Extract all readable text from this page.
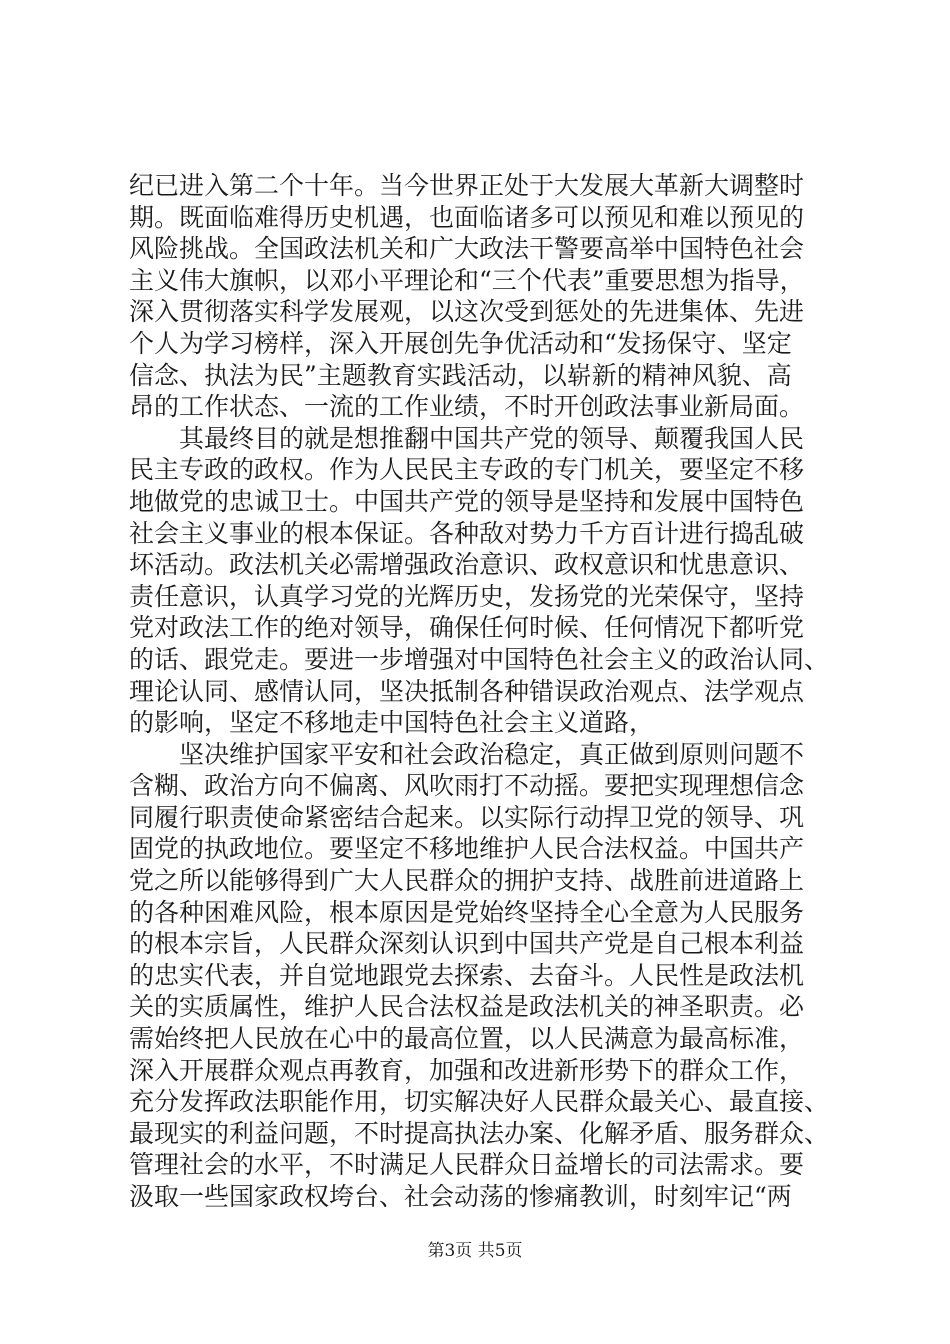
纪已进入第二个十年。当今世界正处于大发展大革新大调整时
期。既面临难得历史机遇，也面临诸多可以预见和难以预见的
风险挑战。全国政法机关和广大政法干警要高举中国特色社会
主义伟大旗帜，以邓小平理论和“三个代表”重要思想为指导，
深入贯彻落实科学发展观，以这次受到惩处的先进集体、先进
个人为学习榜样，深入开展创先争优活动和“发扬保守、坚定
信念、执法为民”主题教育实践活动，以崭新的精神风貌、高
昂的工作状态、一流的工作业绩，不时开创政法事业新局面。
　　其最终目的就是想推翻中国共产党的领导、颠覆我国人民
民主专政的政权。作为人民民主专政的专门机关，要坚定不移
地做党的忠诚卫士。中国共产党的领导是坚持和发展中国特色
社会主义事业的根本保证。各种敌对势力千方百计进行捣乱破
坏活动。政法机关必需增强政治意识、政权意识和忧患意识、
责任意识，认真学习党的光辉历史，发扬党的光荣保守，坚持
党对政法工作的绝对领导，确保任何时候、任何情况下都听党
的话、跟党走。要进一步增强对中国特色社会主义的政治认同、
理论认同、感情认同，坚决抵制各种错误政治观点、法学观点
的影响，坚定不移地走中国特色社会主义道路，
　　坚决维护国家平安和社会政治稳定，真正做到原则问题不
含糊、政治方向不偏离、风吹雨打不动摇。要把实现理想信念
同履行职责使命紧密结合起来。以实际行动捍卫党的领导、巩
固党的执政地位。要坚定不移地维护人民合法权益。中国共产
党之所以能够得到广大人民群众的拥护支持、战胜前进道路上
的各种困难风险，根本原因是党始终坚持全心全意为人民服务
的根本宗旨，人民群众深刻认识到中国共产党是自己根本利益
的忠实代表，并自觉地跟党去探索、去奋斗。人民性是政法机
关的实质属性，维护人民合法权益是政法机关的神圣职责。必
需始终把人民放在心中的最高位置，以人民满意为最高标准，
深入开展群众观点再教育，加强和改进新形势下的群众工作，
充分发挥政法职能作用，切实解决好人民群众最关心、最直接、
最现实的利益问题，不时提高执法办案、化解矛盾、服务群众、
管理社会的水平，不时满足人民群众日益增长的司法需求。要
汲取一些国家政权垮台、社会动荡的惨痛教训，时刻牢记“两
第3页 共5页
